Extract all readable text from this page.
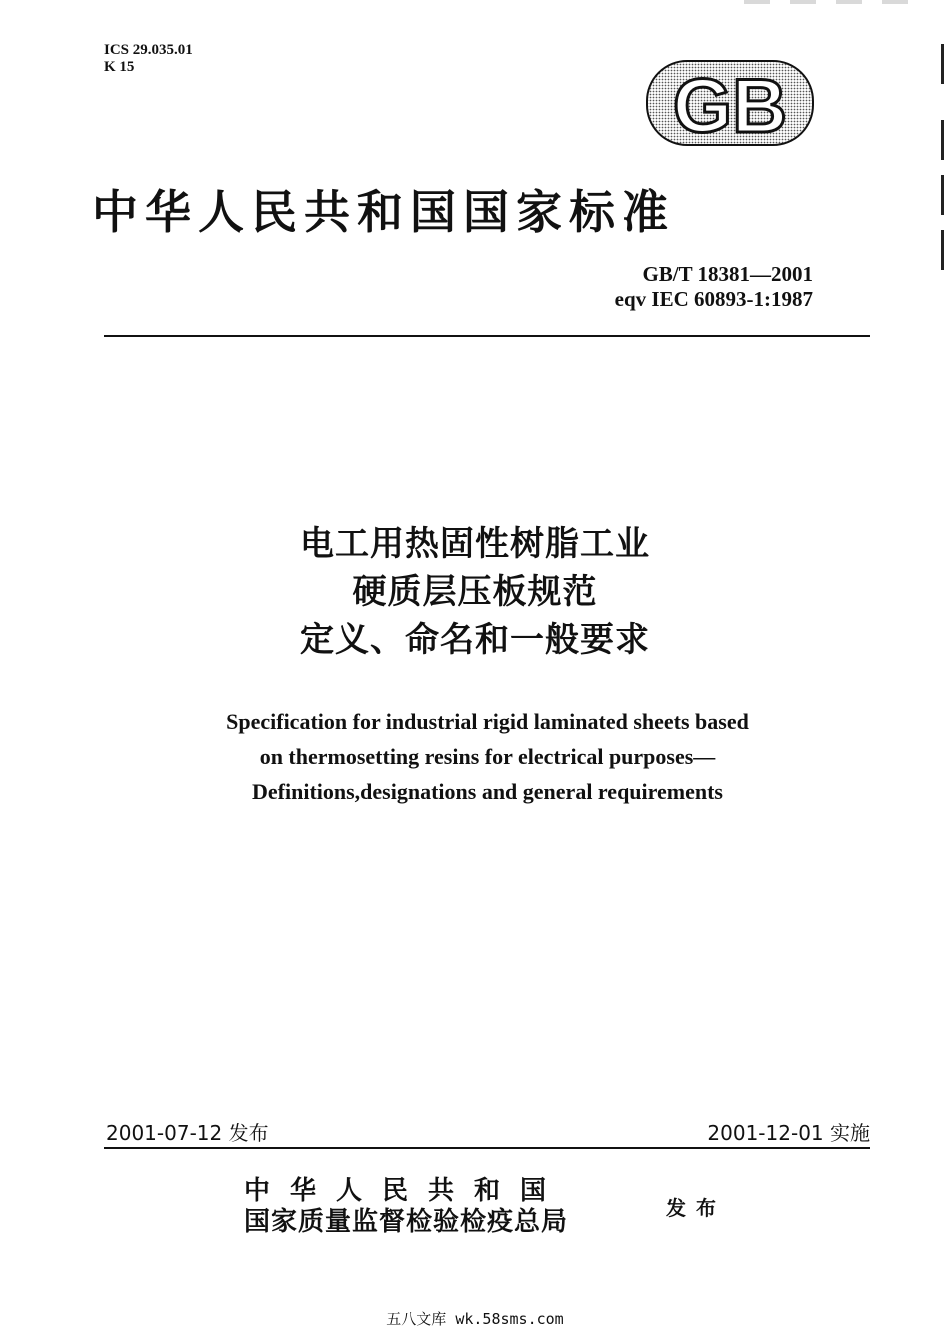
ICS 29.035.01
K 15	GB
中华人民共和国国家标准
GB/T 18381—2001
eqv IEC 60893-1:1987
电工用热固性树脂工业
硬质层压板规范
定义、命名和一般要求
Specification for industrial rigid laminated sheets based
on thermosetting resins for electrical purposes—
Definitions,designations and general requirements
2001-07-12 发布	2001-12-01 实施
中华人民共和国
国家质量监督检验检疫总局	发布
五八文库 wk.58sms.com
